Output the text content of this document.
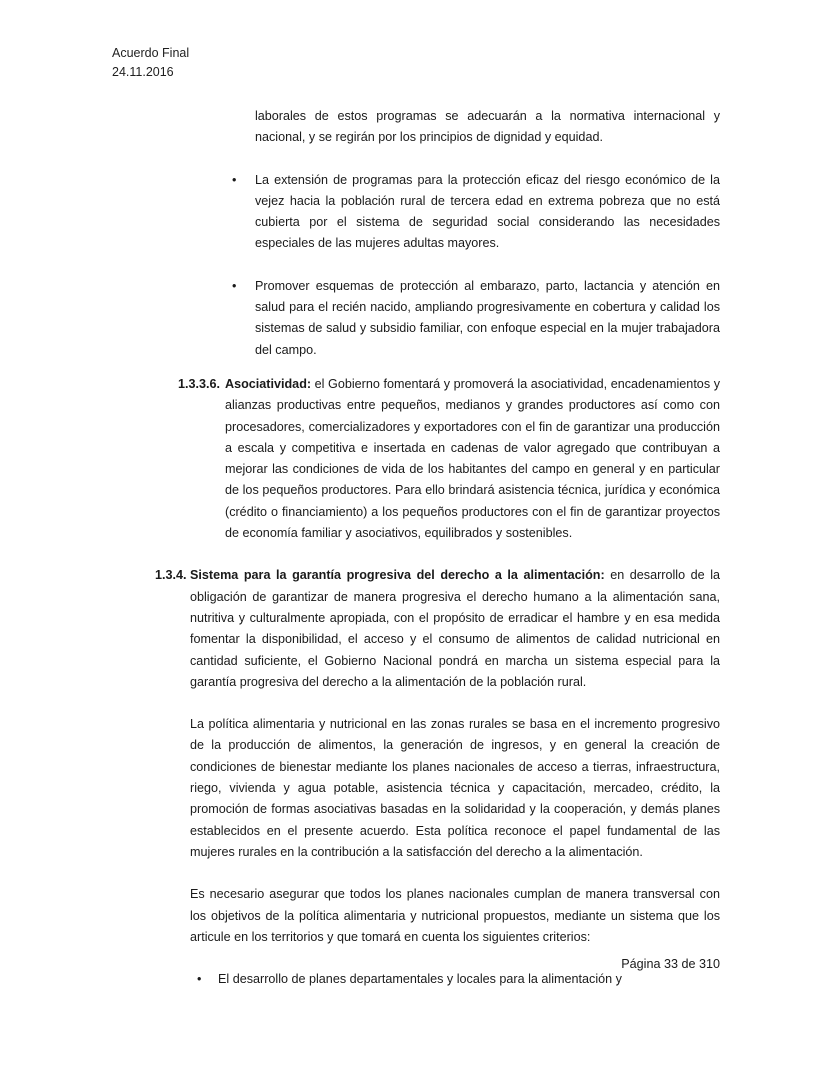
Acuerdo Final
24.11.2016

laborales de estos programas se adecuarán a la normativa internacional y nacional, y se regirán por los principios de dignidad y equidad.

• La extensión de programas para la protección eficaz del riesgo económico de la vejez hacia la población rural de tercera edad en extrema pobreza que no está cubierta por el sistema de seguridad social considerando las necesidades especiales de las mujeres adultas mayores.

• Promover esquemas de protección al embarazo, parto, lactancia y atención en salud para el recién nacido, ampliando progresivamente en cobertura y calidad los sistemas de salud y subsidio familiar, con enfoque especial en la mujer trabajadora del campo.

1.3.3.6. Asociatividad: el Gobierno fomentará y promoverá la asociatividad, encadenamientos y alianzas productivas entre pequeños, medianos y grandes productores así como con procesadores, comercializadores y exportadores con el fin de garantizar una producción a escala y competitiva e insertada en cadenas de valor agregado que contribuyan a mejorar las condiciones de vida de los habitantes del campo en general y en particular de los pequeños productores. Para ello brindará asistencia técnica, jurídica y económica (crédito o financiamiento) a los pequeños productores con el fin de garantizar proyectos de economía familiar y asociativos, equilibrados y sostenibles.

1.3.4. Sistema para la garantía progresiva del derecho a la alimentación: en desarrollo de la obligación de garantizar de manera progresiva el derecho humano a la alimentación sana, nutritiva y culturalmente apropiada, con el propósito de erradicar el hambre y en esa medida fomentar la disponibilidad, el acceso y el consumo de alimentos de calidad nutricional en cantidad suficiente, el Gobierno Nacional pondrá en marcha un sistema especial para la garantía progresiva del derecho a la alimentación de la población rural.

La política alimentaria y nutricional en las zonas rurales se basa en el incremento progresivo de la producción de alimentos, la generación de ingresos, y en general la creación de condiciones de bienestar mediante los planes nacionales de acceso a tierras, infraestructura, riego, vivienda y agua potable, asistencia técnica y capacitación, mercadeo, crédito, la promoción de formas asociativas basadas en la solidaridad y la cooperación, y demás planes establecidos en el presente acuerdo. Esta política reconoce el papel fundamental de las mujeres rurales en la contribución a la satisfacción del derecho a la alimentación.

Es necesario asegurar que todos los planes nacionales cumplan de manera transversal con los objetivos de la política alimentaria y nutricional propuestos, mediante un sistema que los articule en los territorios y que tomará en cuenta los siguientes criterios:

• El desarrollo de planes departamentales y locales para la alimentación y

Página 33 de 310
